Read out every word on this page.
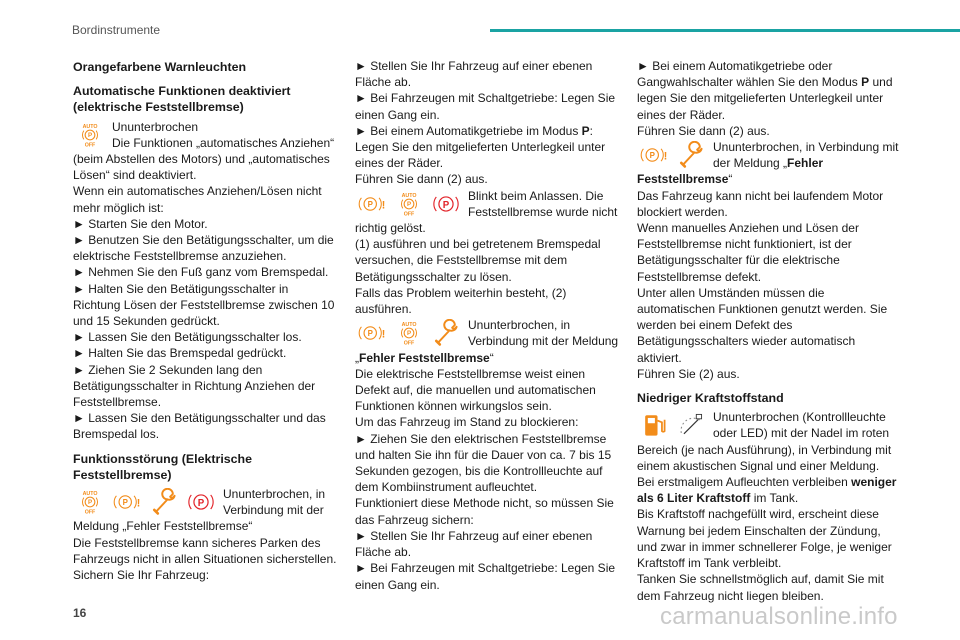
Bordinstrumente

Orangefarbene Warnleuchten

Automatische Funktionen deaktiviert (elektrische Feststellbremse)

Ununterbrochen

Die Funktionen „automatisches Anziehen“ (beim Abstellen des Motors) und „automatisches Lösen“ sind deaktiviert.

Wenn ein automatisches Anziehen/Lösen nicht mehr möglich ist:

► Starten Sie den Motor.

► Benutzen Sie den Betätigungsschalter, um die elektrische Feststellbremse anzuziehen.

► Nehmen Sie den Fuß ganz vom Bremspedal.

► Halten Sie den Betätigungsschalter in Richtung Lösen der Feststellbremse zwischen 10 und 15 Sekunden gedrückt.

► Lassen Sie den Betätigungsschalter los.

► Halten Sie das Bremspedal gedrückt.

► Ziehen Sie 2 Sekunden lang den Betätigungsschalter in Richtung Anziehen der Feststellbremse.

► Lassen Sie den Betätigungsschalter und das Bremspedal los.

Funktionsstörung (Elektrische Feststellbremse)

Ununterbrochen, in Verbindung mit der Meldung „Fehler Feststellbremse“

Die Feststellbremse kann sicheres Parken des Fahrzeugs nicht in allen Situationen sicherstellen.

Sichern Sie Ihr Fahrzeug:

► Stellen Sie Ihr Fahrzeug auf einer ebenen Fläche ab.

► Bei Fahrzeugen mit Schaltgetriebe: Legen Sie einen Gang ein.

► Bei einem Automatikgetriebe im Modus P: Legen Sie den mitgelieferten Unterlegkeil unter eines der Räder.

Führen Sie dann (2) aus.

Blinkt beim Anlassen. Die Feststellbremse wurde nicht richtig gelöst.

(1) ausführen und bei getretenem Bremspedal versuchen, die Feststellbremse mit dem Betätigungsschalter zu lösen.

Falls das Problem weiterhin besteht, (2) ausführen.

Ununterbrochen, in Verbindung mit der Meldung „Fehler Feststellbremse“

Die elektrische Feststellbremse weist einen Defekt auf, die manuellen und automatischen Funktionen können wirkungslos sein.

Um das Fahrzeug im Stand zu blockieren:

► Ziehen Sie den elektrischen Feststellbremse und halten Sie ihn für die Dauer von ca. 7 bis 15 Sekunden gezogen, bis die Kontrollleuchte auf dem Kombiinstrument aufleuchtet.

Funktioniert diese Methode nicht, so müssen Sie das Fahrzeug sichern:

► Stellen Sie Ihr Fahrzeug auf einer ebenen Fläche ab.

► Bei Fahrzeugen mit Schaltgetriebe: Legen Sie einen Gang ein.

► Bei einem Automatikgetriebe oder Gangwahlschalter wählen Sie den Modus P und legen Sie den mitgelieferten Unterlegkeil unter eines der Räder.

Führen Sie dann (2) aus.

Ununterbrochen, in Verbindung mit der Meldung „Fehler Feststellbremse“

Das Fahrzeug kann nicht bei laufendem Motor blockiert werden.

Wenn manuelles Anziehen und Lösen der Feststellbremse nicht funktioniert, ist der Betätigungsschalter für die elektrische Feststellbremse defekt.

Unter allen Umständen müssen die automatischen Funktionen genutzt werden. Sie werden bei einem Defekt des Betätigungsschalters wieder automatisch aktiviert.

Führen Sie (2) aus.

Niedriger Kraftstoffstand

Ununterbrochen (Kontrollleuchte oder LED) mit der Nadel im roten Bereich (je nach Ausführung), in Verbindung mit einem akustischen Signal und einer Meldung.

Bei erstmaligem Aufleuchten verbleiben weniger als 6 Liter Kraftstoff im Tank.

Bis Kraftstoff nachgefüllt wird, erscheint diese Warnung bei jedem Einschalten der Zündung, und zwar in immer schnellerer Folge, je weniger Kraftstoff im Tank verbleibt.

Tanken Sie schnellstmöglich auf, damit Sie mit dem Fahrzeug nicht liegen bleiben.

16	carmanualsonline.info
